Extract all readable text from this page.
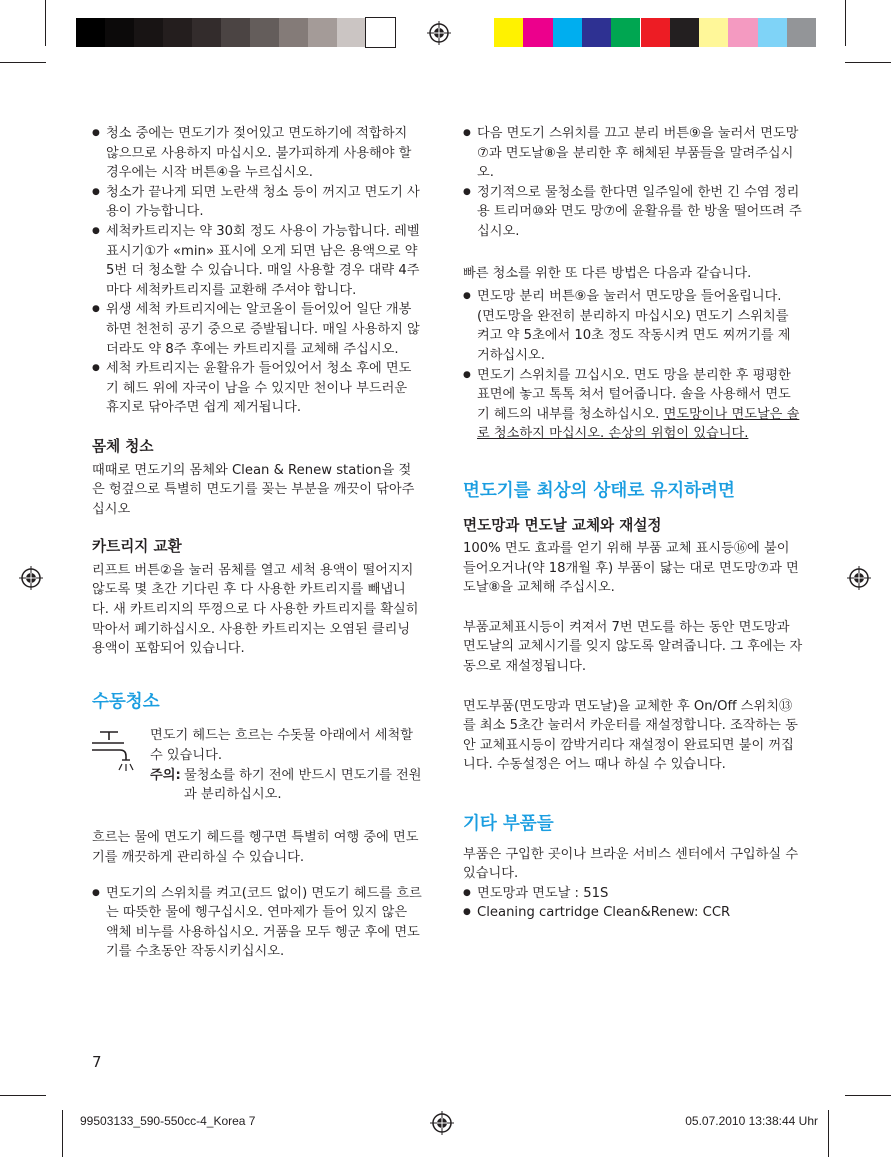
● 청소 중에는 면도기가 젖어있고 면도하기에 적합하지 않으므로 사용하지 마십시오. 불가피하게 사용해야 할 경우에는 시작 버튼④을 누르십시오.

● 청소가 끝나게 되면 노란색 청소 등이 꺼지고 면도기 사용이 가능합니다.

● 세척카트리지는 약 30회 정도 사용이 가능합니다. 레벨 표시기①가 «min» 표시에 오게 되면 남은 용액으로 약 5번 더 청소할 수 있습니다. 매일 사용할 경우 대략 4주마다 세척카트리지를 교환해 주셔야 합니다.

● 위생 세척 카트리지에는 알코올이 들어있어 일단 개봉하면 천천히 공기 중으로 증발됩니다. 매일 사용하지 않더라도 약 8주 후에는 카트리지를 교체해 주십시오.

● 세척 카트리지는 윤활유가 들어있어서 청소 후에 면도기 헤드 위에 자국이 남을 수 있지만 천이나 부드러운 휴지로 닦아주면 쉽게 제거됩니다.

몸체 청소

때때로 면도기의 몸체와 Clean & Renew station을 젖은 헝겊으로 특별히 면도기를 꽂는 부분을 깨끗이 닦아주십시오

카트리지 교환

리프트 버튼②을 눌러 몸체를 열고 세척 용액이 떨어지지 않도록 몇 초간 기다린 후 다 사용한 카트리지를 빼냅니다. 새 카트리지의 뚜껑으로 다 사용한 카트리지를 확실히 막아서 폐기하십시오. 사용한 카트리지는 오염된 클리닝 용액이 포함되어 있습니다.

수동청소

면도기 헤드는 흐르는 수돗물 아래에서 세척할 수 있습니다.

주의: 물청소를 하기 전에 반드시 면도기를 전원과 분리하십시오.

흐르는 물에 면도기 헤드를 헹구면 특별히 여행 중에 면도기를 깨끗하게 관리하실 수 있습니다.

● 면도기의 스위치를 켜고(코드 없이) 면도기 헤드를 흐르는 따뜻한 물에 헹구십시오. 연마제가 들어 있지 않은 액체 비누를 사용하십시오. 거품을 모두 헹군 후에 면도기를 수초동안 작동시키십시오.

7

● 다음 면도기 스위치를 끄고 분리 버튼⑨을 눌러서 면도망⑦과 면도날⑧을 분리한 후 해체된 부품들을 말려주십시오.

● 정기적으로 물청소를 한다면 일주일에 한번 긴 수염 정리용 트리머⑩와 면도 망⑦에 윤활유를 한 방울 떨어뜨려 주십시오.

빠른 청소를 위한 또 다른 방법은 다음과 같습니다.

● 면도망 분리 버튼⑨을 눌러서 면도망을 들어올립니다. (면도망을 완전히 분리하지 마십시오) 면도기 스위치를 켜고 약 5초에서 10초 정도 작동시켜 면도 찌꺼기를 제거하십시오.

● 면도기 스위치를 끄십시오. 면도 망을 분리한 후 평평한 표면에 놓고 톡톡 쳐서 털어줍니다. 솔을 사용해서 면도기 헤드의 내부를 청소하십시오. 면도망이나 면도날은 솔로 청소하지 마십시오. 손상의 위험이 있습니다.

면도기를 최상의 상태로 유지하려면
면도망과 면도날 교체와 재설정

100% 면도 효과를 얻기 위해 부품 교체 표시등⑯에 불이 들어오거나(약 18개월 후) 부품이 닳는 대로 면도망⑦과 면도날⑧을 교체해 주십시오.

부품교체표시등이 켜져서 7번 면도를 하는 동안 면도망과 면도날의 교체시기를 잊지 않도록 알려줍니다. 그 후에는 자동으로 재설정됩니다.

면도부품(면도망과 면도날)을 교체한 후 On/Off 스위치⑬를 최소 5초간 눌러서 카운터를 재설정합니다. 조작하는 동안 교체표시등이 깜박거리다 재설정이 완료되면 불이 꺼집니다. 수동설정은 어느 때나 하실 수 있습니다.

기타 부품들

부품은 구입한 곳이나 브라운 서비스 센터에서 구입하실 수 있습니다.

● 면도망과 면도날 : 51S

● Cleaning cartridge Clean&Renew: CCR

99503133_590-550cc-4_Korea 7	05.07.2010 13:38:44 Uhr
